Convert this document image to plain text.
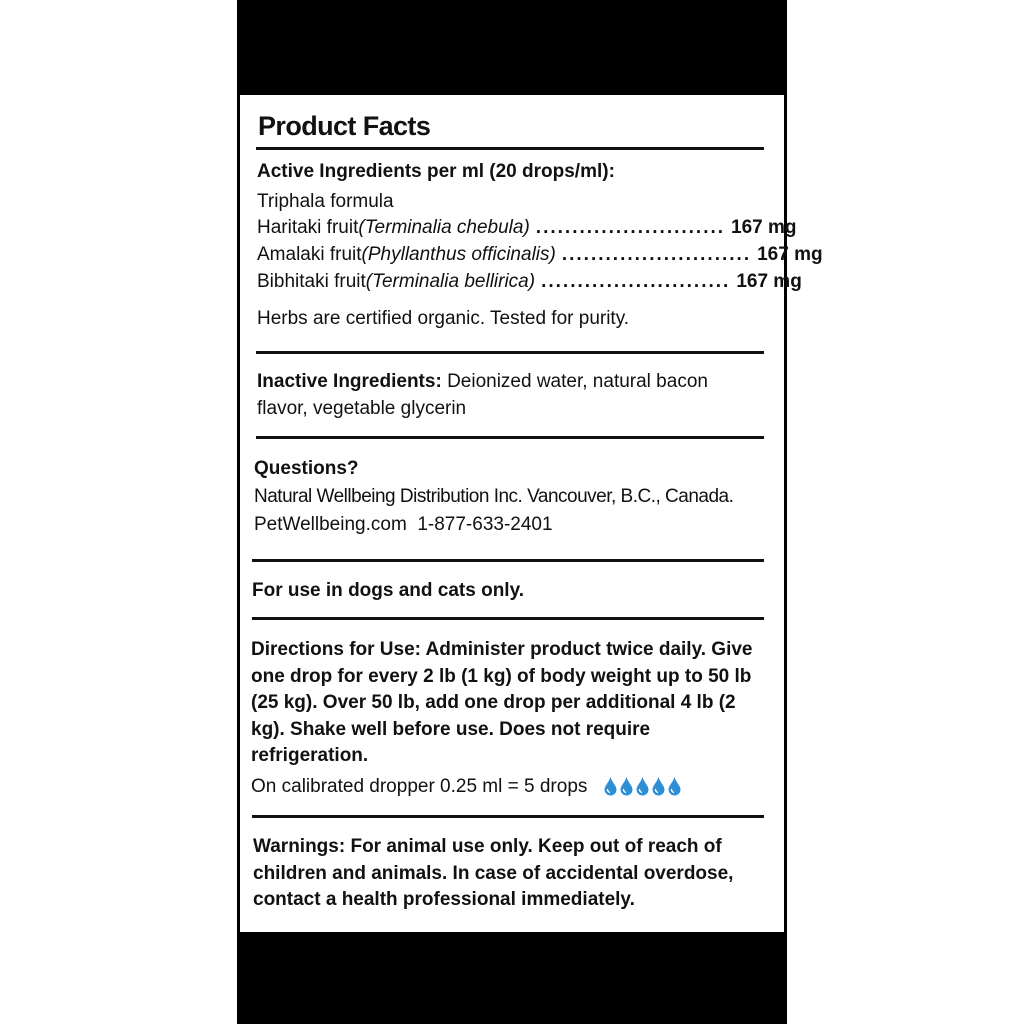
Product Facts
Active Ingredients per ml (20 drops/ml):
Triphala formula
Haritaki fruit (Terminalia chebula) .......................... 167 mg
Amalaki fruit (Phyllanthus officinalis) .......................... 167 mg
Bibhitaki fruit (Terminalia bellirica) .......................... 167 mg
Herbs are certified organic. Tested for purity.
Inactive Ingredients: Deionized water, natural bacon flavor, vegetable glycerin
Questions?
Natural Wellbeing Distribution Inc. Vancouver, B.C., Canada.
PetWellbeing.com  1-877-633-2401
For use in dogs and cats only.
Directions for Use: Administer product twice daily. Give one drop for every 2 lb (1 kg) of body weight up to 50 lb (25 kg). Over 50 lb, add one drop per additional 4 lb (2 kg). Shake well before use. Does not require refrigeration.
On calibrated dropper 0.25 ml = 5 drops
Warnings: For animal use only. Keep out of reach of children and animals. In case of accidental overdose, contact a health professional immediately.
